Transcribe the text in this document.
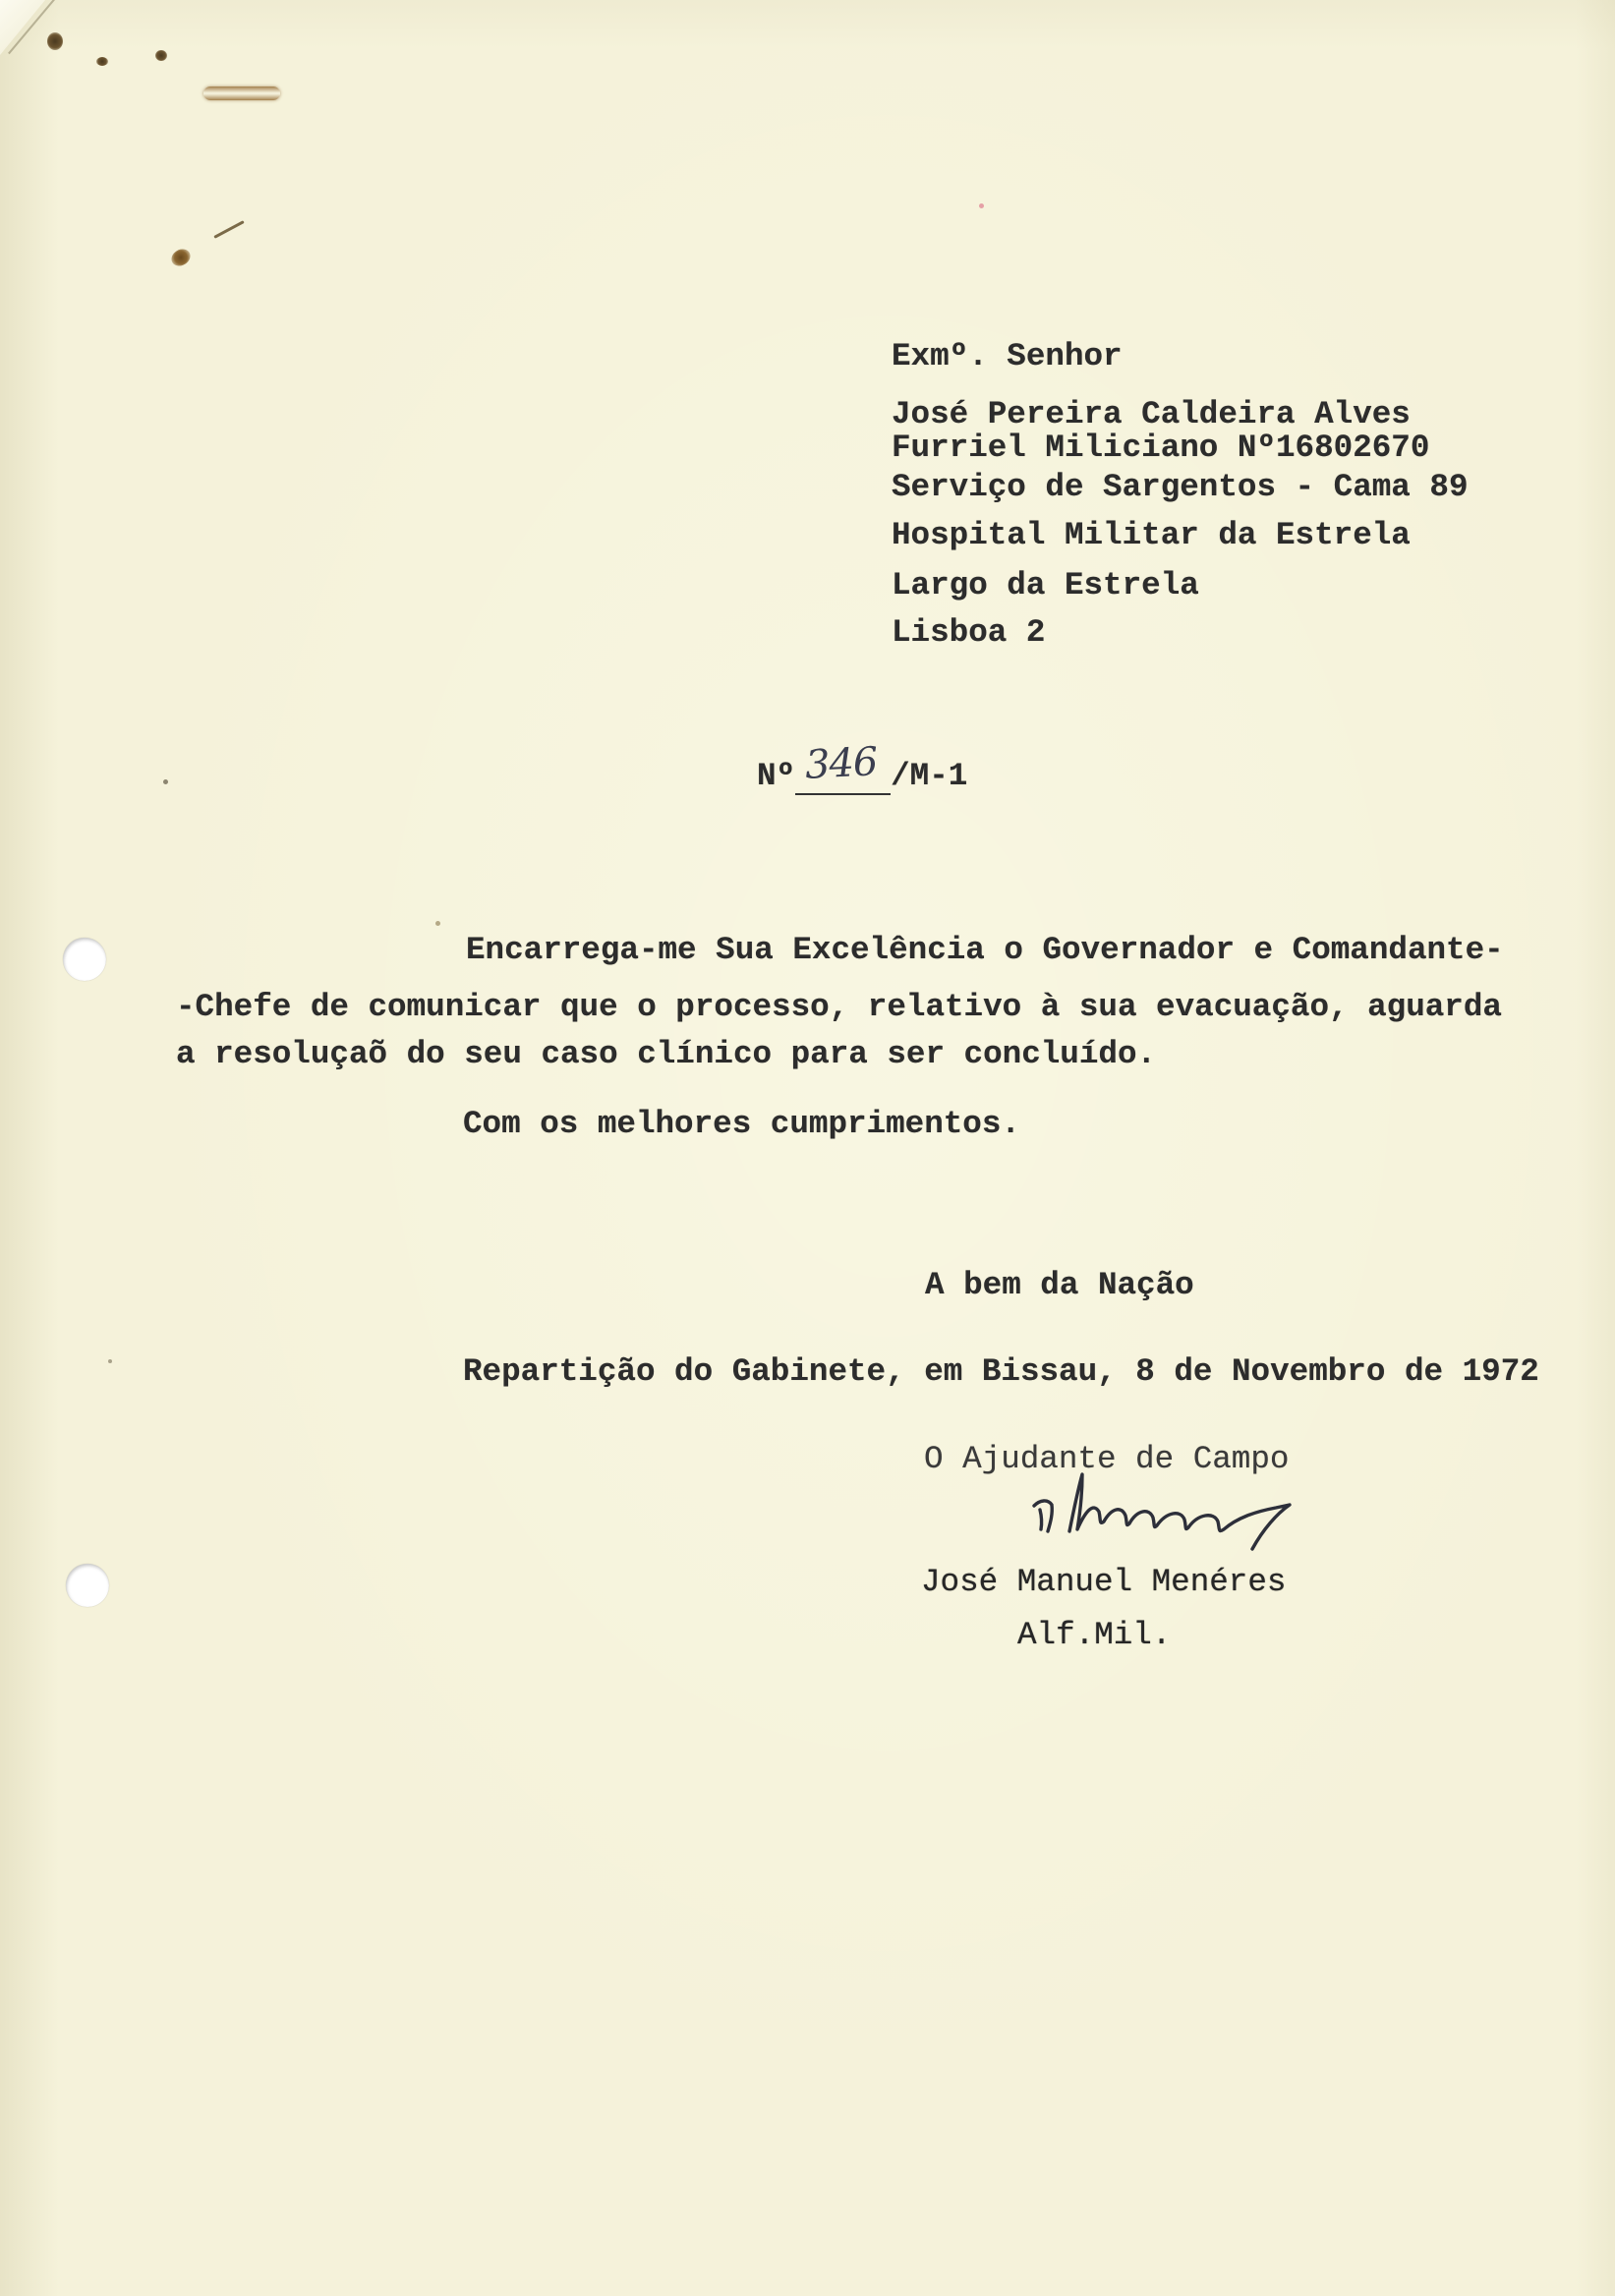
Exmº. Senhor
José Pereira Caldeira Alves
Furriel Miliciano Nº16802670
Serviço de Sargentos - Cama 89
Hospital Militar da Estrela
Largo da Estrela
Lisboa 2
Nº 346 /M-1
Encarrega-me Sua Excelência o Governador e Comandante-
-Chefe de comunicar que o processo, relativo à sua evacuação, aguarda
a resoluçaõ do seu caso clínico para ser concluído.
Com os melhores cumprimentos.
A bem da Nação
Repartição do Gabinete, em Bissau, 8 de Novembro de 1972
O Ajudante de Campo
José Manuel Menéres
Alf.Mil.
